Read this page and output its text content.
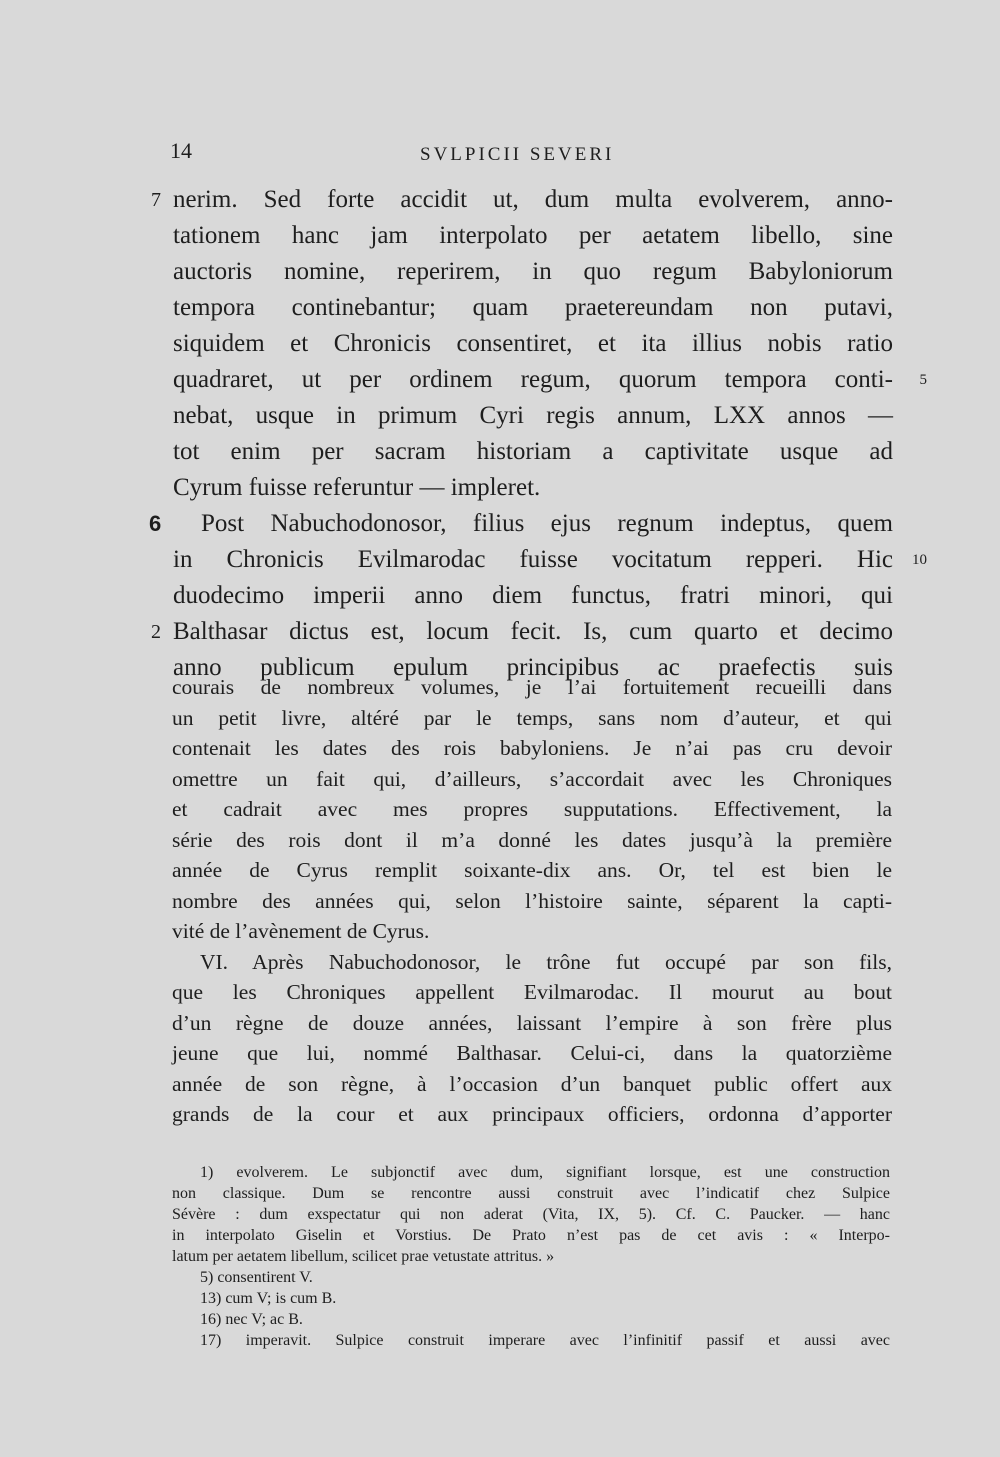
14	SVLPICII SEVERI
7 nerim. Sed forte accidit ut, dum multa evolverem, anno-
tationem hanc jam interpolato per aetatem libello, sine
auctoris nomine, reperirem, in quo regum Babyloniorum
tempora continebantur; quam praetereundam non putavi,
siquidem et Chronicis consentiret, et ita illius nobis ratio
5
quadraret, ut per ordinem regum, quorum tempora conti-
nebat, usque in primum Cyri regis annum, LXX annos —
tot enim per sacram historiam a captivitate usque ad
Cyrum fuisse referuntur — impleret.
6	Post Nabuchodonosor, filius ejus regnum indeptus, quem
10
in Chronicis Evilmarodac fuisse vocitatum repperi. Hic
duodecimo imperii anno diem functus, fratri minori, qui
2 Balthasar dictus est, locum fecit. Is, cum quarto et decimo
anno publicum epulum principibus ac praefectis suis
courais de nombreux volumes, je l’ai fortuitement recueilli dans
un petit livre, altéré par le temps, sans nom d’auteur, et qui
contenait les dates des rois babyloniens. Je n’ai pas cru devoir
omettre un fait qui, d’ailleurs, s’accordait avec les Chroniques
et cadrait avec mes propres supputations. Effectivement, la
série des rois dont il m’a donné les dates jusqu’à la première
année de Cyrus remplit soixante-dix ans. Or, tel est bien le
nombre des années qui, selon l’histoire sainte, séparent la capti-
vité de l’avènement de Cyrus.
VI. Après Nabuchodonosor, le trône fut occupé par son fils,
que les Chroniques appellent Evilmarodac. Il mourut au bout
d’un règne de douze années, laissant l’empire à son frère plus
jeune que lui, nommé Balthasar. Celui-ci, dans la quatorzième
année de son règne, à l’occasion d’un banquet public offert aux
grands de la cour et aux principaux officiers, ordonna d’apporter
1) evolverem. Le subjonctif avec dum, signifiant lorsque, est une construction
non classique. Dum se rencontre aussi construit avec l’indicatif chez Sulpice
Sévère : dum exspectatur qui non aderat (Vita, IX, 5). Cf. C. Paucker. — hanc
in interpolato Giselin et Vorstius. De Prato n’est pas de cet avis : « Interpo-
latum per aetatem libellum, scilicet prae vetustate attritus. »
5) consentirent V.
13) cum V; is cum B.
16) nec V; ac B.
17) imperavit. Sulpice construit imperare avec l’infinitif passif et aussi avec
